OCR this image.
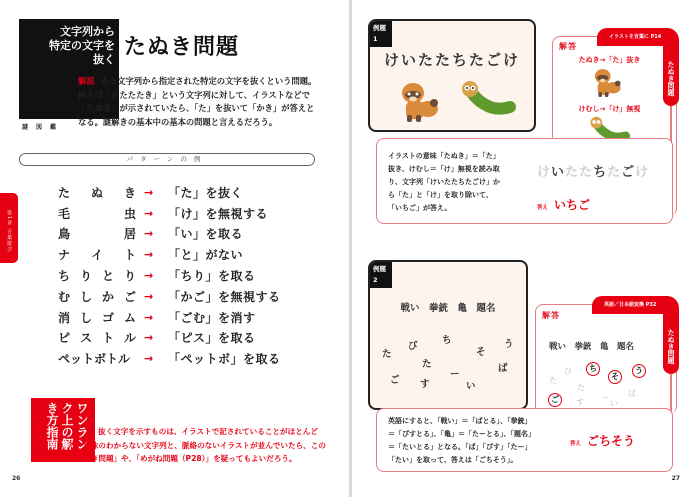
文字列から
特定の文字を
抜く
謎図鑑
たぬき問題
解説 ある文字列から指定された特定の文字を抜くという問題。例えば「かたたたき」という文字列に対して、イラストなどで「たぬき」が示されていたら、「た」を抜いて「かき」が答えとなる。謎解きの基本中の基本の問題と言えるだろう。
パターンの例
第1章 言葉遊び
た ぬ き →	「た」を抜く
毛	虫 →	「け」を無視する
鳥	居 →	「い」を取る
ナ イ ト →	「と」がない
ち り と り →	「ちり」を取る
む し か ご →	「かご」を無視する
消 し ゴ ム →	「ごむ」を消す
ピ ス ト ル →	「ピス」を取る
ペットボトル	→	「ペットボ」を取る
ワンランク上の解き方指南	抜く文字を示すものは、イラストで記されていることがほとんどだ。意味のわからない文字列と、脈絡のないイラストが並んでいたら、この「たぬき問題」や、「めがね問題（P28）」を疑ってもよいだろう。
26
例題
1
けいたたちたごけ
解答
イラストを言葉に P14
たぬき問題
たぬき→「た」抜き
けむし→「け」無視
イラストの意味「たぬき」＝「た」抜き、けむし＝「け」無視を読み取り、文字列「けいたたちたごけ」から「た」と「け」を取り除いて、「いちご」が答え。
けいたたちたごけ
答え いちご
例題
2
戦い　拳銃　亀　題名
た
び
ち
そ
う
た
ー
ば
ご す	い
解答
英語／日本語変換 P32
たぬき問題
戦い　拳銃　亀　題名
た
び	ち
そ
う
た
ー ば
ご	す	い
英語にすると、「戦い」＝「ばとる」、「拳銃」＝「ぴすとる」、「亀」＝「たーとる」、「題名」＝「たいとる」となる。「ば」「ぴす」「たー」「たい」を取って、答えは「ごちそう」。
答え ごちそう
27
